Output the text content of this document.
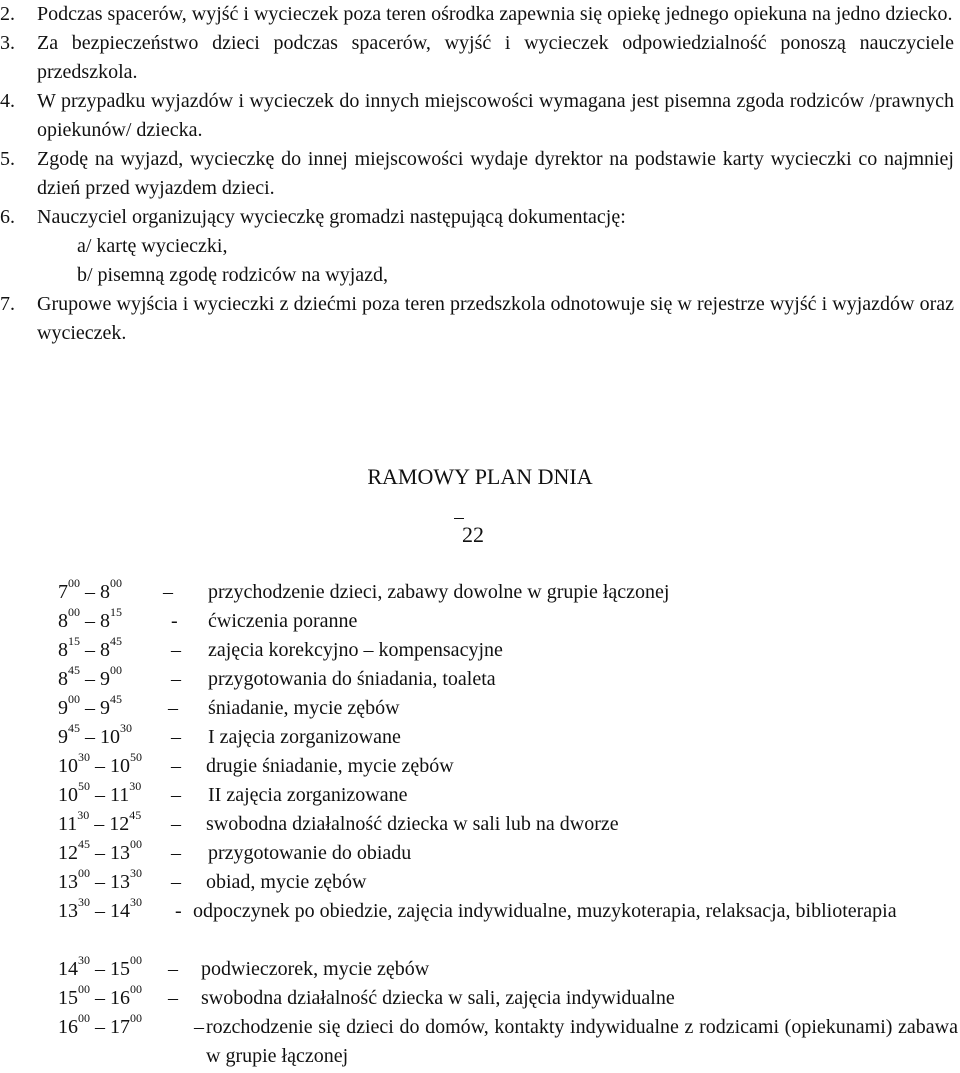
2. Podczas spacerów, wyjść i wycieczek poza teren ośrodka zapewnia się opiekę jednego opiekuna na jedno dziecko.
3. Za bezpieczeństwo dzieci podczas spacerów, wyjść i wycieczek odpowiedzialność ponoszą nauczyciele przedszkola.
4. W przypadku wyjazdów i wycieczek do innych miejscowości wymagana jest pisemna zgoda rodziców /prawnych opiekunów/ dziecka.
5. Zgodę na wyjazd, wycieczkę do innej miejscowości wydaje dyrektor na podstawie karty wycieczki co najmniej dzień przed wyjazdem dzieci.
6. Nauczyciel organizujący wycieczkę gromadzi następującą dokumentację:
a/ kartę wycieczki,
b/ pisemną zgodę rodziców na wyjazd,
7. Grupowe wyjścia i wycieczki z dziećmi poza teren przedszkola odnotowuje się w rejestrze wyjść i wyjazdów oraz wycieczek.
RAMOWY PLAN DNIA
22
$7^{00} - 8^{00}$ – przychodzenie dzieci, zabawy dowolne w grupie łączonej
$8^{00} - 8^{15}$ - ćwiczenia poranne
$8^{15} - 8^{45}$ – zajęcia korekcyjno – kompensacyjne
$8^{45} - 9^{00}$ – przygotowania do śniadania, toaleta
$9^{00} - 9^{45}$ – śniadanie, mycie zębów
$9^{45} - 10^{30}$ – I zajęcia zorganizowane
$10^{30} - 10^{50}$ – drugie śniadanie, mycie zębów
$10^{50} - 11^{30}$ – II zajęcia zorganizowane
$11^{30} - 12^{45}$ – swobodna działalność dziecka w sali lub na dworze
$12^{45} - 13^{00}$ – przygotowanie do obiadu
$13^{00} - 13^{30}$ – obiad, mycie zębów
$13^{30} - 14^{30}$ - odpoczynek po obiedzie, zajęcia indywidualne, muzykoterapia, relaksacja, biblioterapia
$14^{30} - 15^{00}$ – podwieczorek, mycie zębów
$15^{00} - 16^{00}$ – swobodna działalność dziecka w sali, zajęcia indywidualne
$16^{00} - 17^{00}$	– rozchodzenie się dzieci do domów, kontakty indywidualne z rodzicami (opiekunami) zabawa w grupie łączonej
